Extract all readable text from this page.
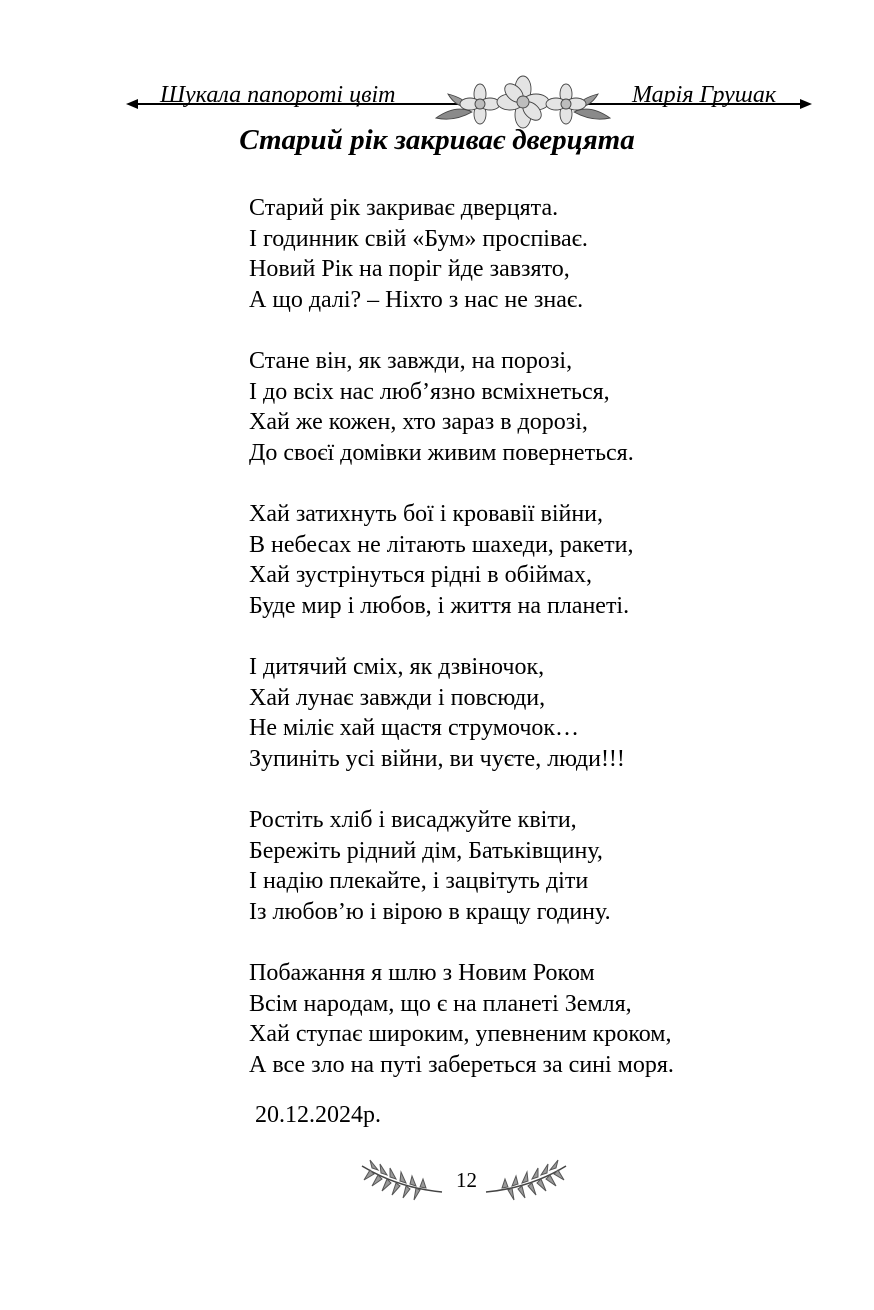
Шукала папороті цвіт	Марія Грушак
Старий рік закриває дверцята

Старий рік закриває дверцята.
І годинник свій «Бум» проспіває.
Новий Рік на поріг йде завзято,
А що далі? – Ніхто з нас не знає.

Стане він, як завжди, на порозі,
І до всіх нас люб’язно всміхнеться,
Хай же кожен, хто зараз в дорозі,
До своєї домівки живим повернеться.

Хай затихнуть бої і кровавії війни,
В небесах не літають шахеди, ракети,
Хай зустрінуться рідні в обіймах,
Буде мир і любов, і життя на планеті.

І дитячий сміх, як дзвіночок,
Хай лунає завжди і повсюди,
Не міліє хай щастя струмочок…
Зупиніть усі війни, ви чуєте, люди!!!

Ростіть хліб і висаджуйте квіти,
Бережіть рідний дім, Батьківщину,
І надію плекайте, і зацвітуть діти
Із любов’ю і вірою в кращу годину.

Побажання я шлю з Новим Роком
Всім народам, що є на планеті Земля,
Хай ступає широким, упевненим кроком,
А все зло на путі забереться за сині моря.

20.12.2024р.
12
